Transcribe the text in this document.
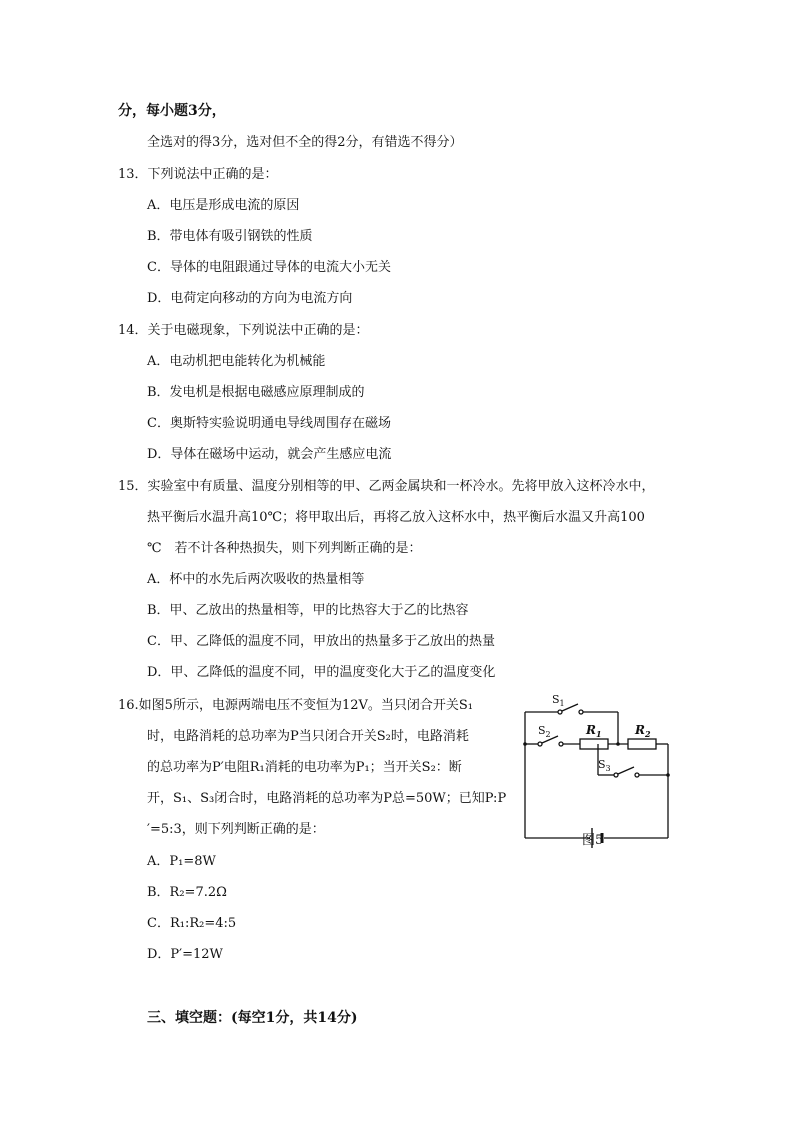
分，每小题3分，
全选对的得3分，选对但不全的得2分，有错选不得分）
13．下列说法中正确的是：
A．电压是形成电流的原因
B．带电体有吸引钢铁的性质
C．导体的电阻跟通过导体的电流大小无关
D．电荷定向移动的方向为电流方向
14．关于电磁现象，下列说法中正确的是：
A．电动机把电能转化为机械能
B．发电机是根据电磁感应原理制成的
C．奥斯特实验说明通电导线周围存在磁场
D．导体在磁场中运动，就会产生感应电流
15．实验室中有质量、温度分别相等的甲、乙两金属块和一杯冷水。先将甲放入这杯冷水中，
热平衡后水温升高10℃；将甲取出后，再将乙放入这杯水中，热平衡后水温又升高100
℃　若不计各种热损失，则下列判断正确的是：
A．杯中的水先后两次吸收的热量相等
B．甲、乙放出的热量相等，甲的比热容大于乙的比热容
C．甲、乙降低的温度不同，甲放出的热量多于乙放出的热量
D．甲、乙降低的温度不同，甲的温度变化大于乙的温度变化
16.如图5所示，电源两端电压不变恒为12V。当只闭合开关S₁
时，电路消耗的总功率为P当只闭合开关S₂时，电路消耗
的总功率为P′电阻R₁消耗的电功率为P₁；当开关S₂：断
开，S₁、S₃闭合时，电路消耗的总功率为P总=50W；已知P:P
′=5:3，则下列判断正确的是：
A．P₁=8W
B．R₂=7.2Ω
C．R₁:R₂=4:5
D．P′=12W
$S_1$
$S_2$	$R_1$	$R_2$
$S_3$
图5
三、填空题：(每空1分，共14分)
